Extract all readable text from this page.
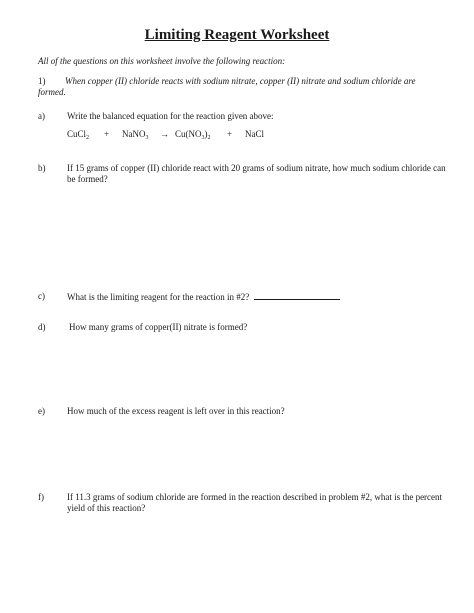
Limiting Reagent Worksheet
All of the questions on this worksheet involve the following reaction:
1) When copper (II) chloride reacts with sodium nitrate, copper (II) nitrate and sodium chloride are formed.
a) Write the balanced equation for the reaction given above:
CuCl$_2$ + NaNO$_3$ → $Cu(NO_3)_2$ + NaCl
b) If 15 grams of copper (II) chloride react with 20 grams of sodium nitrate, how much sodium chloride can be formed?
c) What is the limiting reagent for the reaction in #2?
d)	How many grams of copper(II) nitrate is formed?
e) How much of the excess reagent is left over in this reaction?
f)	If 11.3 grams of sodium chloride are formed in the reaction described in problem #2, what is the percent yield of this reaction?
